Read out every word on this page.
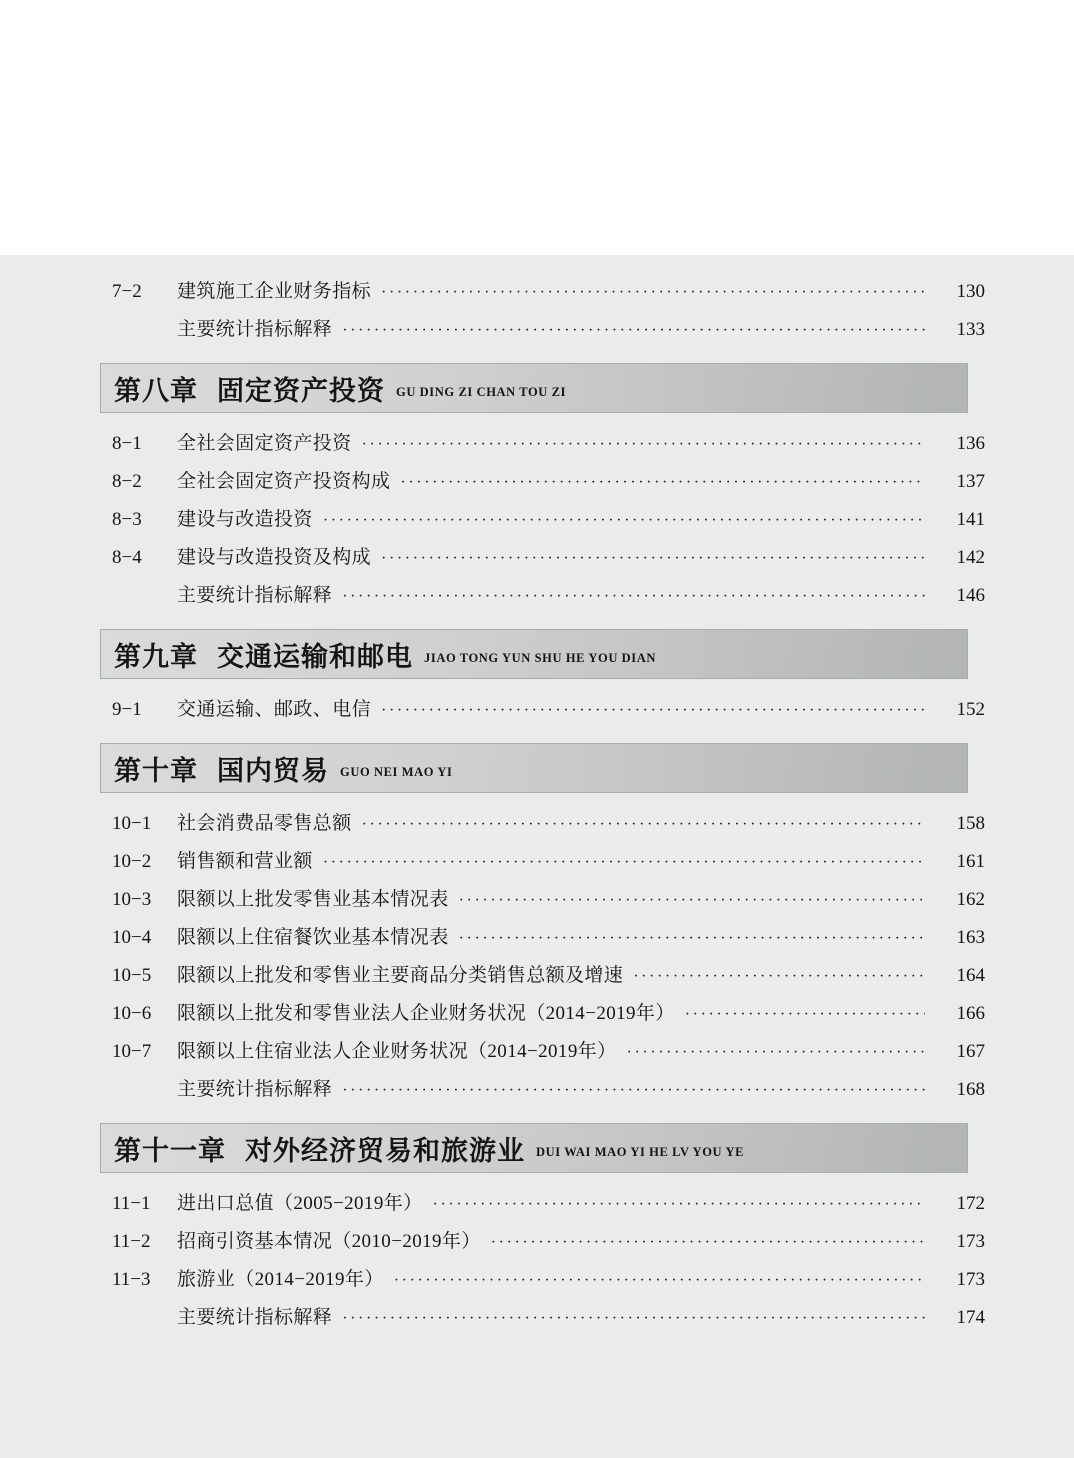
7−2	建筑施工企业财务指标 ·····	130
主要统计指标解释 ·····	133
第八章 固定资产投资 GU DING ZI CHAN TOU ZI
8−1	全社会固定资产投资 ·····	136
8−2	全社会固定资产投资构成 ·····	137
8−3	建设与改造投资 ·····	141
8−4	建设与改造投资及构成 ·····	142
主要统计指标解释 ·····	146
第九章 交通运输和邮电 JIAO TONG YUN SHU HE YOU DIAN
9−1	交通运输、邮政、电信 ·····	152
第十章 国内贸易 GUO NEI MAO YI
10−1	社会消费品零售总额 ·····	158
10−2	销售额和营业额 ·····	161
10−3	限额以上批发零售业基本情况表 ·····	162
10−4	限额以上住宿餐饮业基本情况表 ·····	163
10−5	限额以上批发和零售业主要商品分类销售总额及增速 ·····	164
10−6	限额以上批发和零售业法人企业财务状况（2014−2019年） ·····	166
10−7	限额以上住宿业法人企业财务状况（2014−2019年） ·····	167
主要统计指标解释 ·····	168
第十一章 对外经济贸易和旅游业 DUI WAI MAO YI HE LV YOU YE
11−1	进出口总值（2005−2019年） ·····	172
11−2	招商引资基本情况（2010−2019年） ·····	173
11−3	旅游业（2014−2019年） ·····	173
主要统计指标解释 ·····	174
